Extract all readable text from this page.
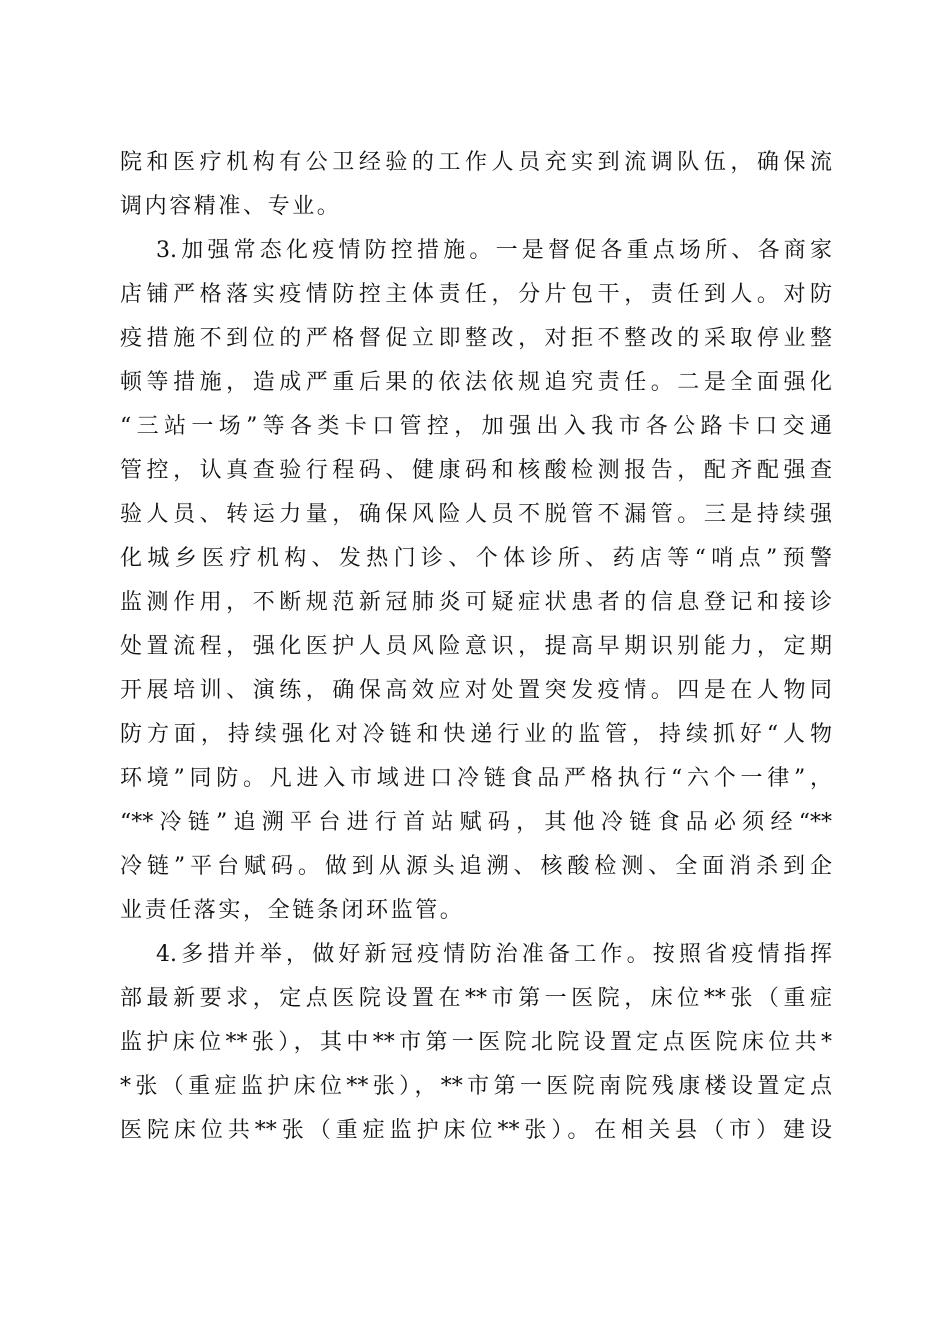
院和医疗机构有公卫经验的工作人员充实到流调队伍，确保流
调内容精准、专业。
3.加强常态化疫情防控措施。一是督促各重点场所、各商家
店铺严格落实疫情防控主体责任，分片包干，责任到人。对防
疫措施不到位的严格督促立即整改，对拒不整改的采取停业整
顿等措施，造成严重后果的依法依规追究责任。二是全面强化
“三站一场”等各类卡口管控，加强出入我市各公路卡口交通
管控，认真查验行程码、健康码和核酸检测报告，配齐配强查
验人员、转运力量，确保风险人员不脱管不漏管。三是持续强
化城乡医疗机构、发热门诊、个体诊所、药店等“哨点”预警
监测作用，不断规范新冠肺炎可疑症状患者的信息登记和接诊
处置流程，强化医护人员风险意识，提高早期识别能力，定期
开展培训、演练，确保高效应对处置突发疫情。四是在人物同
防方面，持续强化对冷链和快递行业的监管，持续抓好“人物
环境”同防。凡进入市域进口冷链食品严格执行“六个一律”，
“**冷链”追溯平台进行首站赋码，其他冷链食品必须经“**
冷链”平台赋码。做到从源头追溯、核酸检测、全面消杀到企
业责任落实，全链条闭环监管。
4.多措并举，做好新冠疫情防治准备工作。按照省疫情指挥
部最新要求，定点医院设置在**市第一医院，床位**张（重症
监护床位**张），其中**市第一医院北院设置定点医院床位共*
*张（重症监护床位**张），**市第一医院南院残康楼设置定点
医院床位共**张（重症监护床位**张）。在相关县（市）建设
